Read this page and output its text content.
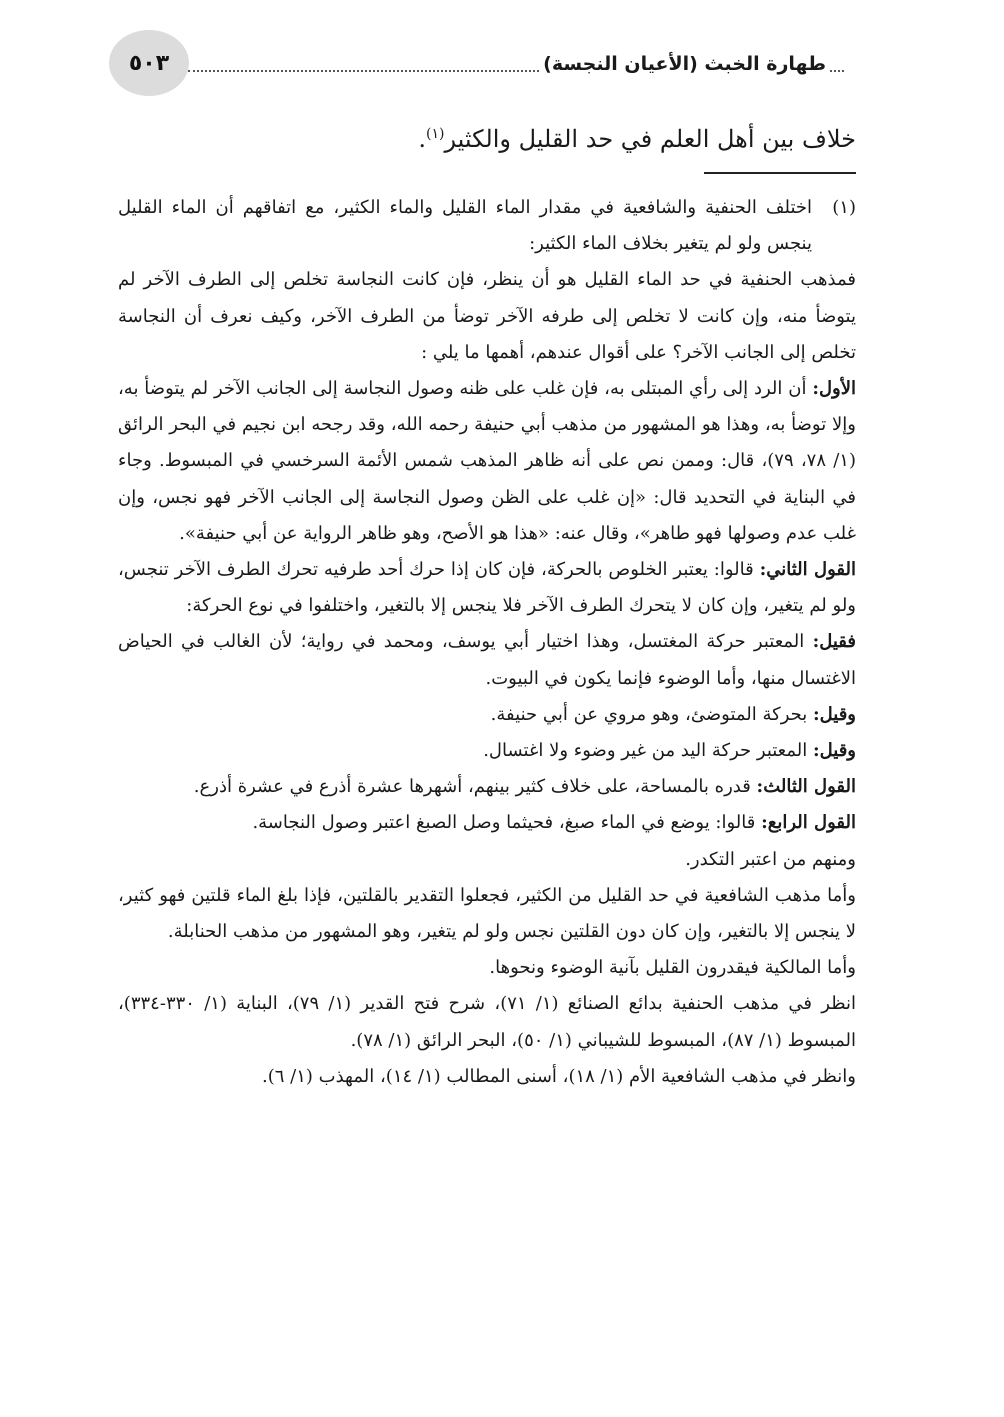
٥٠٣	طهارة الخبث (الأعيان النجسة)
خلاف بين أهل العلم في حد القليل والكثير$^{(١)}$.
(١)

اختلف الحنفية والشافعية في مقدار الماء القليل والماء الكثير، مع اتفاقهم أن الماء القليل ينجس ولو لم يتغير بخلاف الماء الكثير:

فمذهب الحنفية في حد الماء القليل هو أن ينظر، فإن كانت النجاسة تخلص إلى الطرف الآخر لم يتوضأ منه، وإن كانت لا تخلص إلى طرفه الآخر توضأ من الطرف الآخر، وكيف نعرف أن النجاسة تخلص إلى الجانب الآخر؟ على أقوال عندهم، أهمها ما يلي :

الأول: أن الرد إلى رأي المبتلى به، فإن غلب على ظنه وصول النجاسة إلى الجانب الآخر لم يتوضأ به، وإلا توضأ به، وهذا هو المشهور من مذهب أبي حنيفة رحمه الله، وقد رجحه ابن نجيم في البحر الرائق (١/ ٧٨، ٧٩)، قال: وممن نص على أنه ظاهر المذهب شمس الأئمة السرخسي في المبسوط. وجاء في البناية في التحديد قال: «إن غلب على الظن وصول النجاسة إلى الجانب الآخر فهو نجس، وإن غلب عدم وصولها فهو طاهر»، وقال عنه: «هذا هو الأصح، وهو ظاهر الرواية عن أبي حنيفة».

القول الثاني: قالوا: يعتبر الخلوص بالحركة، فإن كان إذا حرك أحد طرفيه تحرك الطرف الآخر تنجس، ولو لم يتغير، وإن كان لا يتحرك الطرف الآخر فلا ينجس إلا بالتغير، واختلفوا في نوع الحركة:

فقيل: المعتبر حركة المغتسل، وهذا اختيار أبي يوسف، ومحمد في رواية؛ لأن الغالب في الحياض الاغتسال منها، وأما الوضوء فإنما يكون في البيوت.

وقيل: بحركة المتوضئ، وهو مروي عن أبي حنيفة.

وقيل: المعتبر حركة اليد من غير وضوء ولا اغتسال.

القول الثالث: قدره بالمساحة، على خلاف كثير بينهم، أشهرها عشرة أذرع في عشرة أذرع.

القول الرابع: قالوا: يوضع في الماء صبغ، فحيثما وصل الصبغ اعتبر وصول النجاسة.

ومنهم من اعتبر التكدر.

وأما مذهب الشافعية في حد القليل من الكثير، فجعلوا التقدير بالقلتين، فإذا بلغ الماء قلتين فهو كثير، لا ينجس إلا بالتغير، وإن كان دون القلتين نجس ولو لم يتغير، وهو المشهور من مذهب الحنابلة.

وأما المالكية فيقدرون القليل بآنية الوضوء ونحوها.

انظر في مذهب الحنفية بدائع الصنائع (١/ ٧١)، شرح فتح القدير (١/ ٧٩)، البناية (١/ ٣٣٠-٣٣٤)، المبسوط (١/ ٨٧)، المبسوط للشيباني (١/ ٥٠)، البحر الرائق (١/ ٧٨).

وانظر في مذهب الشافعية الأم (١/ ١٨)، أسنى المطالب (١/ ١٤)، المهذب (١/ ٦).
